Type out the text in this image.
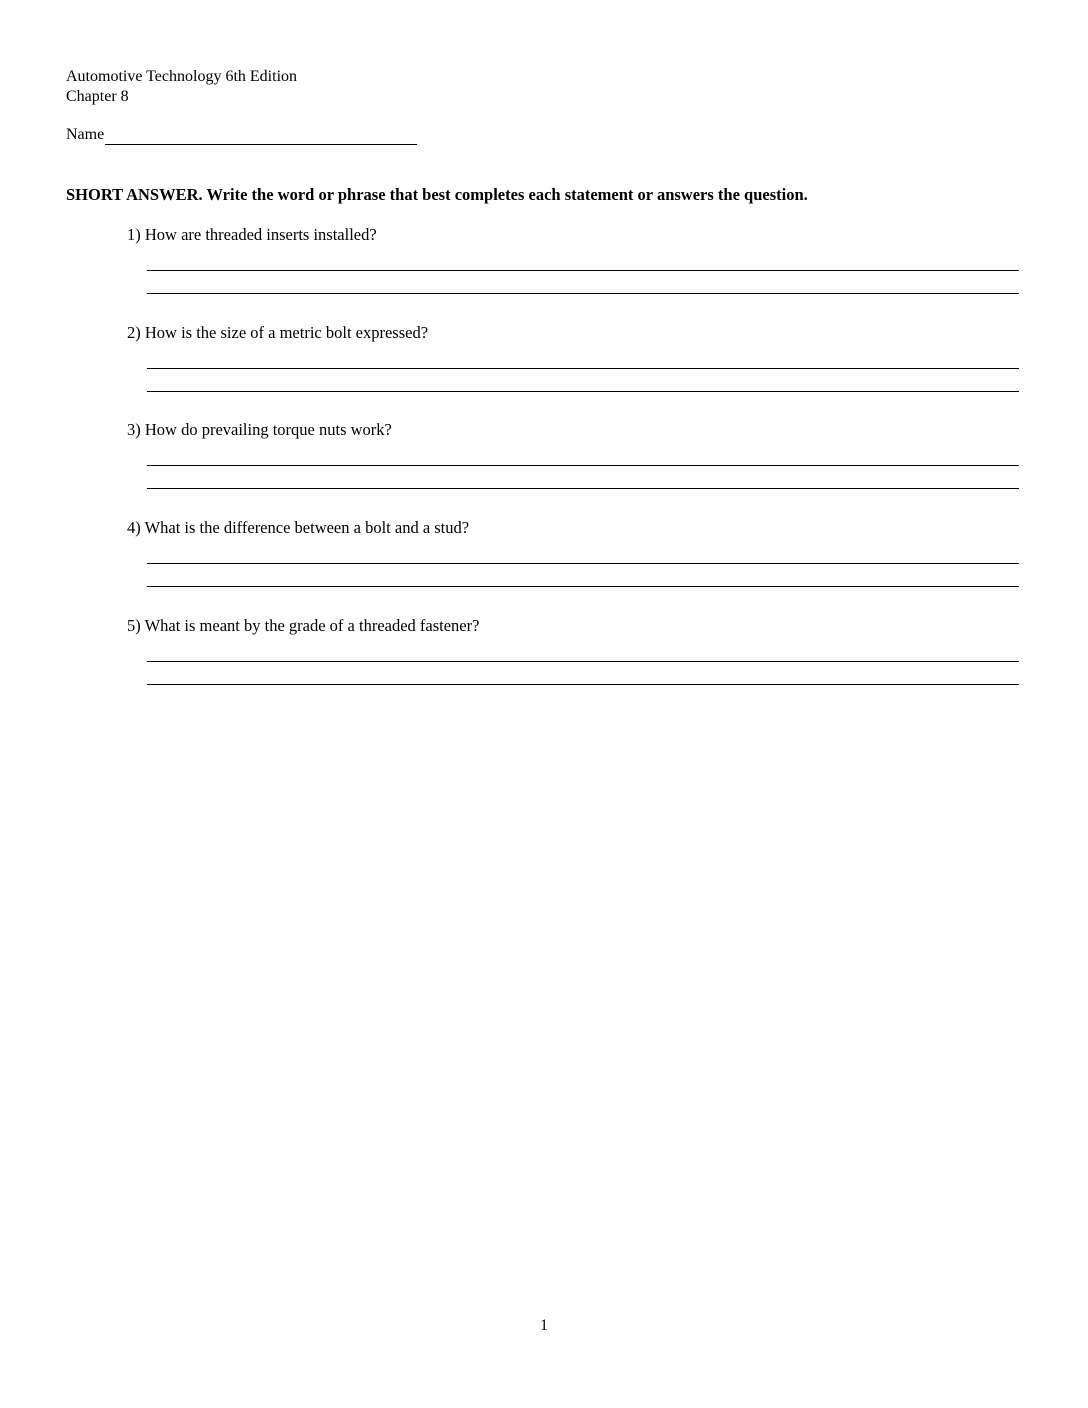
Automotive Technology 6th Edition
Chapter 8
Name
SHORT ANSWER. Write the word or phrase that best completes each statement or answers the question.
1) How are threaded inserts installed?
2) How is the size of a metric bolt expressed?
3) How do prevailing torque nuts work?
4) What is the difference between a bolt and a stud?
5) What is meant by the grade of a threaded fastener?
1
